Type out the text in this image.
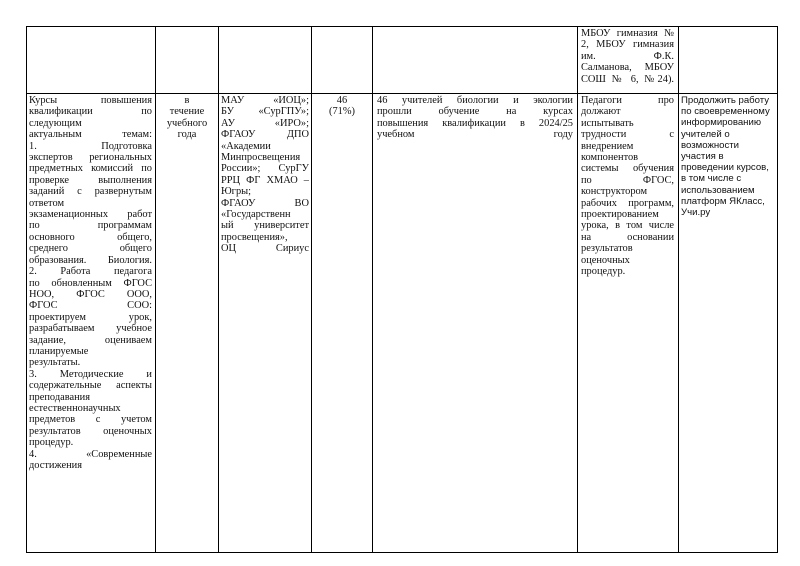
МБОУ гимназия №

2, МБОУ гимназия

им. Ф.К.

Салманова, МБОУ

СОШ № 6, №24).

Курсы повышения

квалификации по

следующим

актуальным темам:

1. Подготовка

экспертов региональных

предметных комиссий по

проверке выполнения

заданий с развернутым

ответом

экзаменационных работ

по программам

основного общего,

среднего общего

образования. Биология.

2. Работа педагога

по обновленным ФГОС

НОО, ФГОС ООО,

ФГОС СОО:

проектируем урок,

разрабатываем учебное

задание, оцениваем

планируемые

результаты.

3. Методические и

содержательные аспекты

преподавания

естественнонаучных

предметов с учетом

результатов оценочных

процедур.

4. «Современные

достижения

в

течение

учебного

года

МАУ «ИОЦ»;

БУ «СурГПУ»;

АУ «ИРО»;

ФГАОУ ДПО

«Академии

Минпросвещения

России»; СурГУ

РРЦ ФГ ХМАО –

Югры;

ФГАОУ ВО

«Государственн

ый университет

просвещения»,

ОЦ Сириус

46

(71%)

46 учителей биологии и экологии

прошли обучение на курсах

повышения квалификации в 2024/25

учебном году

Педагоги про

должают

испытывать

трудности с

внедрением

компонентов

системы обучения

по ФГОС,

конструктором

рабочих программ,

проектированием

урока, в том числе

на основании

результатов

оценочных

процедур.

Продолжить работу

по своевременному

информированию

учителей о

возможности

участия в

проведении курсов,

в том числе с

использованием

платформ ЯКласс,

Учи.ру
